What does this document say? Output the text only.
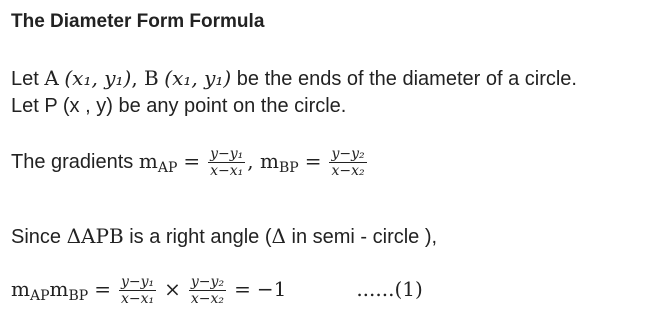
The Diameter Form Formula
Let A (x₁, y₁), B (x₁, y₁) be the ends of the diameter of a circle.
Let P (x , y) be any point on the circle.
The gradients $m_{AP} = \frac{\text{y−y₁}}{\text{x−x₁}}$ , $m_{BP} = \frac{\text{y−y₂}}{\text{x−x₂}}$
Since ΔAPB is a right angle (Δ in semi - circle ),
$m_{AP}m_{BP} = \frac{\text{y−y₁}}{\text{x−x₁}} \times \frac{\text{y−y₂}}{\text{x−x₂}} = -1$	......(1)
